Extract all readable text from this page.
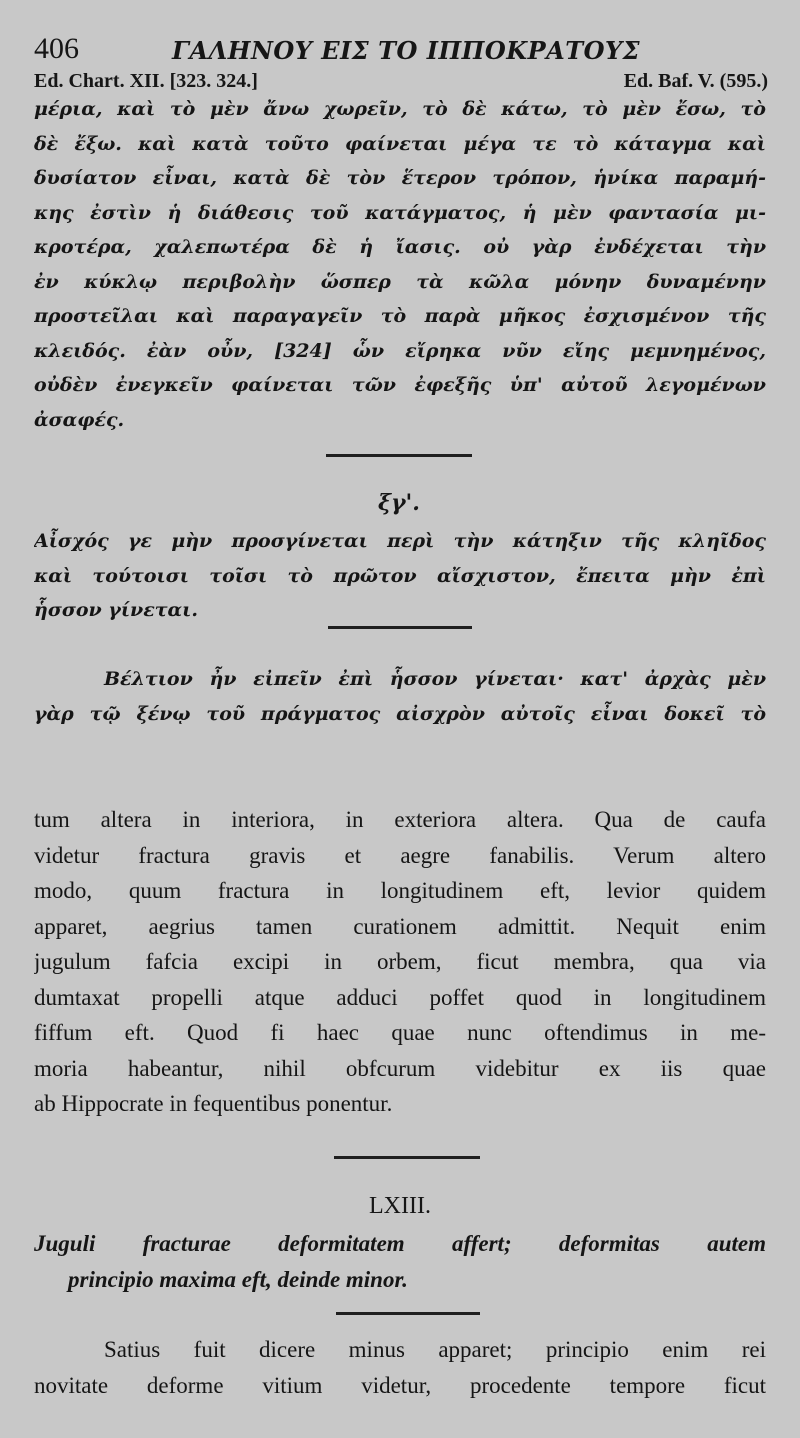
406	ΓΑΛΗΝΟΥ ΕΙΣ ΤΟ ΙΠΠΟΚΡΑΤΟΥΣ
Ed. Chart. XII. [323. 324.]	Ed. Baf. V. (595.)
μέρια, καὶ τὸ μὲν ἄνω χωρεῖν, τὸ δὲ κάτω, τὸ μὲν ἔσω, τὸ
δὲ ἔξω. καὶ κατὰ τοῦτο φαίνεται μέγα τε τὸ κάταγμα καὶ
δυσίατον εἶναι, κατὰ δὲ τὸν ἕτερον τρόπον, ἡνίκα παραμή-
κης ἐστὶν ἡ διάθεσις τοῦ κατάγματος, ἡ μὲν φαντασία μι-
κροτέρα, χαλεπωτέρα δὲ ἡ ἴασις. οὐ γὰρ ἐνδέχεται τὴν
ἐν κύκλῳ περιβολὴν ὥσπερ τὰ κῶλα μόνην δυναμένην
προστεῖλαι καὶ παραγαγεῖν τὸ παρὰ μῆκος ἐσχισμένον τῆς
κλειδός. ἐὰν οὖν, [324] ὧν εἴρηκα νῦν εἴης μεμνημένος,
οὐδὲν ἐνεγκεῖν φαίνεται τῶν ἐφεξῆς ὑπ' αὐτοῦ λεγομένων
ἀσαφές.
ξγ'.
Αἶσχός γε μὴν προσγίνεται περὶ τὴν κάτηξιν τῆς κληῖδος
καὶ τούτοισι τοῖσι τὸ πρῶτον αἴσχιστον, ἔπειτα μὴν ἐπὶ
ἧσσον γίνεται.
Βέλτιον ἦν εἰπεῖν ἐπὶ ἧσσον γίνεται· κατ' ἀρχὰς μὲν
γὰρ τῷ ξένῳ τοῦ πράγματος αἰσχρὸν αὐτοῖς εἶναι δοκεῖ τὸ
tum altera in interiora, in exteriora altera. Qua de caufa
videtur fractura gravis et aegre fanabilis. Verum altero
modo, quum fractura in longitudinem eft, levior quidem
apparet, aegrius tamen curationem admittit. Nequit enim
jugulum fafcia excipi in orbem, ficut membra, qua via
dumtaxat propelli atque adduci poffet quod in longitudinem
fiffum eft. Quod fi haec quae nunc oftendimus in me-
moria habeantur, nihil obfcurum videbitur ex iis quae
ab Hippocrate in fequentibus ponentur.
LXIII.
Juguli fracturae deformitatem affert; deformitas autem
principio maxima eft, deinde minor.
Satius fuit dicere minus apparet; principio enim rei
novitate deforme vitium videtur, procedente tempore ficut
